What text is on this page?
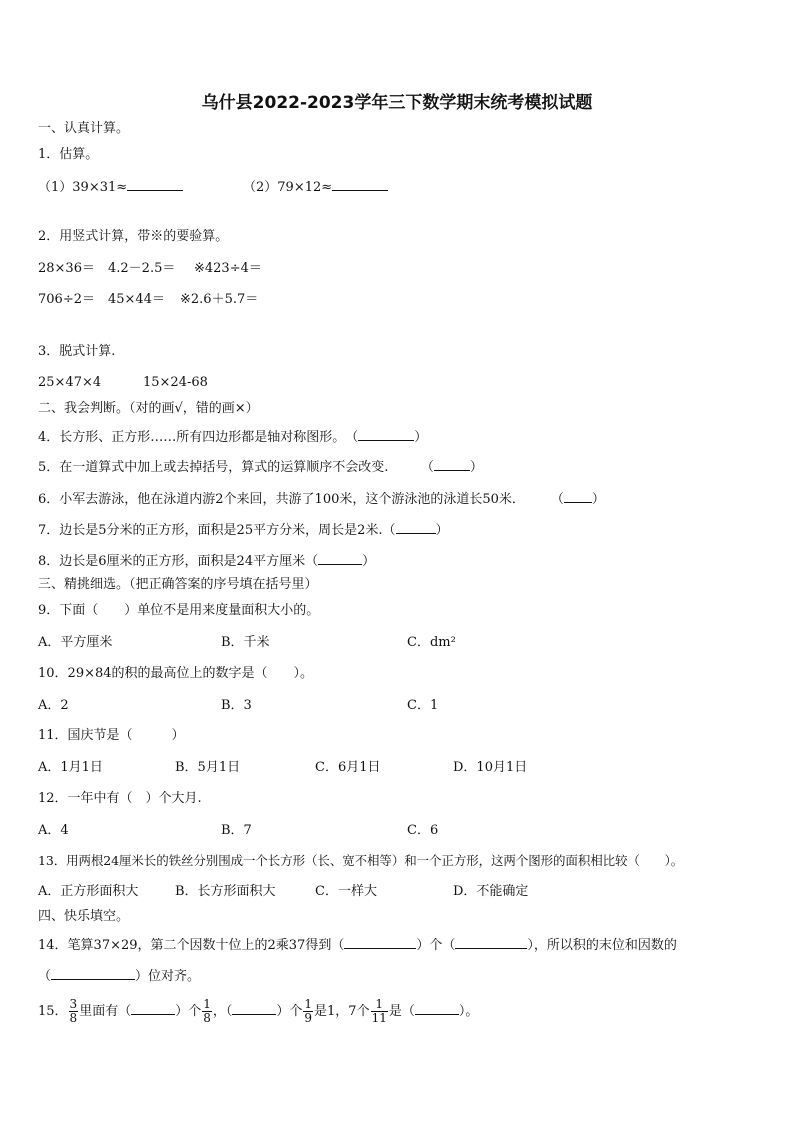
乌什县2022-2023学年三下数学期末统考模拟试题
一、认真计算。
1．估算。
（1）39×31≈	（2）79×12≈
2．用竖式计算，带※的要验算。
28×36＝ 4.2－2.5＝ ※423÷4＝
706÷2＝ 45×44＝ ※2.6＋5.7＝
3．脱式计算.
25×47×4	15×24-68
二、我会判断。（对的画√，错的画×）
4．长方形、正方形……所有四边形都是轴对称图形。　（	）
5．在一道算式中加上或去掉括号，算式的运算顺序不会改变.　　　（	）
6．小军去游泳，他在泳道内游2个来回，共游了100米，这个游泳池的泳道长50米．　　　（ ）
7．边长是5分米的正方形，面积是25平方分米，周长是2米.（	）
8．边长是6厘米的正方形，面积是24平方厘米（	）
三、精挑细选。（把正确答案的序号填在括号里）
9．下面（　　）单位不是用来度量面积大小的。
A．平方厘米	B．千米	C．dm²
10．29×84的积的最高位上的数字是（　　）。
A．2	B．3	C．1
11．国庆节是（　　　）
A．1月1日	B．5月1日	C．6月1日	D．10月1日
12．一年中有（　）个大月.
A．4	B．7	C．6
13．用两根24厘米长的铁丝分别围成一个长方形（长、宽不相等）和一个正方形，这两个图形的面积相比较（　　）。
A．正方形面积大	B．长方形面积大	C．一样大	D．不能确定
四、快乐填空。
14．笔算37×29，第二个因数十位上的2乘37得到（	）个（	），所以积的末位和因数的
（	）位对齐。
15． $\frac{3}{8}$ 里面有（	）个 $\frac{1}{8}$ ，（	）个 $\frac{1}{9}$ 是1，7个 $\frac{1}{11}$ 是（	）。
